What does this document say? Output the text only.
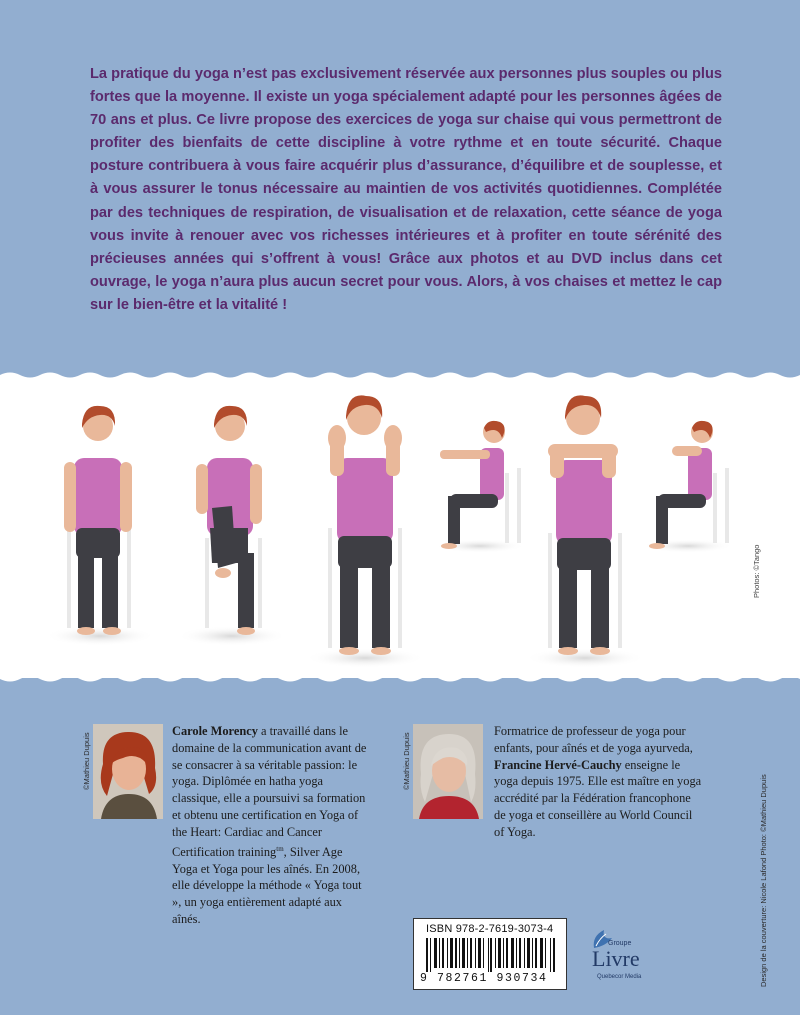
La pratique du yoga n’est pas exclusivement réservée aux personnes plus souples ou plus fortes que la moyenne. Il existe un yoga spécialement adapté pour les personnes âgées de 70 ans et plus. Ce livre propose des exercices de yoga sur chaise qui vous permettront de profiter des bienfaits de cette discipline à votre rythme et en toute sécurité. Chaque posture contribuera à vous faire acquérir plus d’assurance, d’équilibre et de souplesse, et à vous assurer le tonus nécessaire au maintien de vos activités quotidiennes. Complétée par des techniques de respiration, de visualisation et de relaxation, cette séance de yoga vous invite à renouer avec vos richesses intérieures et à profiter en toute sérénité des précieuses années qui s’offrent à vous! Grâce aux photos et au DVD inclus dans cet ouvrage, le yoga n’aura plus aucun secret pour vous. Alors, à vos chaises et mettez le cap sur le bien-être et la vitalité !

Photos: ©Tango
©Mathieu Dupuis

Carole Morency a travaillé dans le domaine de la communication avant de se consacrer à sa véritable passion: le yoga. Diplômée en hatha yoga classique, elle a poursuivi sa formation et obtenu une certification en Yoga of the Heart: Cardiac and Cancer Certification training$^{tm}$, Silver Age Yoga et Yoga pour les aînés. En 2008, elle développe la méthode « Yoga tout », un yoga entièrement adapté aux aînés.

©Mathieu Dupuis

Formatrice de professeur de yoga pour enfants, pour aînés et de yoga ayurveda, Francine Hervé-Cauchy enseigne le yoga depuis 1975. Elle est maître en yoga accrédité par la Fédération francophone de yoga et conseillère au World Council of Yoga.

ISBN 978-2-7619-3073-4
9 782761 930734
Groupe
Livre
Quebecor Media	Design de la couverture: Nicole Lafond Photo: ©Mathieu Dupuis
